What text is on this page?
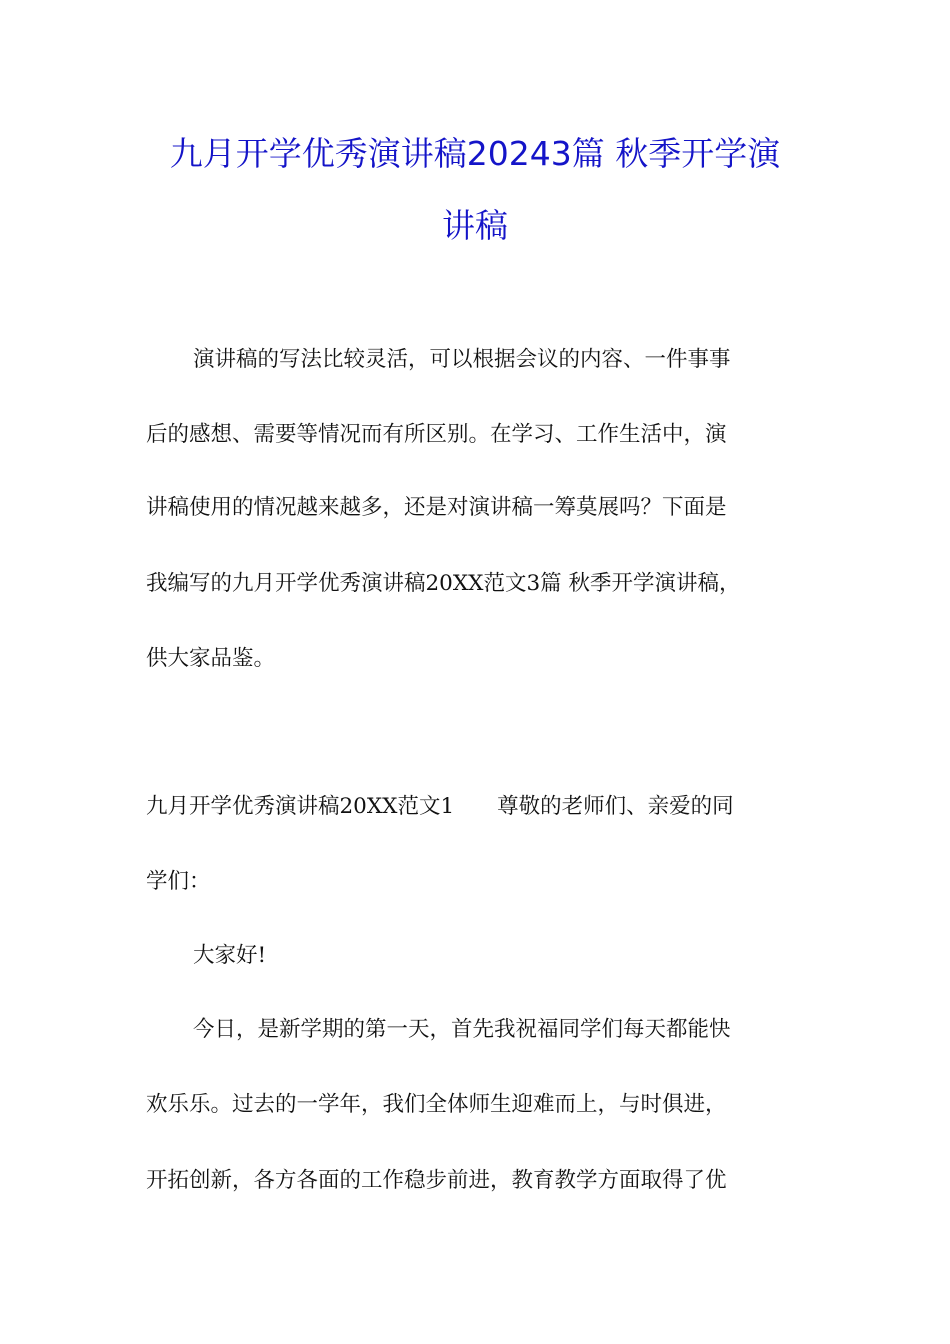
九月开学优秀演讲稿20243篇 秋季开学演
讲稿
演讲稿的写法比较灵活，可以根据会议的内容、一件事事
后的感想、需要等情况而有所区别。在学习、工作生活中，演
讲稿使用的情况越来越多，还是对演讲稿一筹莫展吗？下面是
我编写的九月开学优秀演讲稿20XX范文3篇 秋季开学演讲稿，
供大家品鉴。
九月开学优秀演讲稿20XX范文1　　尊敬的老师们、亲爱的同
学们：
大家好!
今日，是新学期的第一天，首先我祝福同学们每天都能快
欢乐乐。过去的一学年，我们全体师生迎难而上，与时俱进，
开拓创新，各方各面的工作稳步前进，教育教学方面取得了优
